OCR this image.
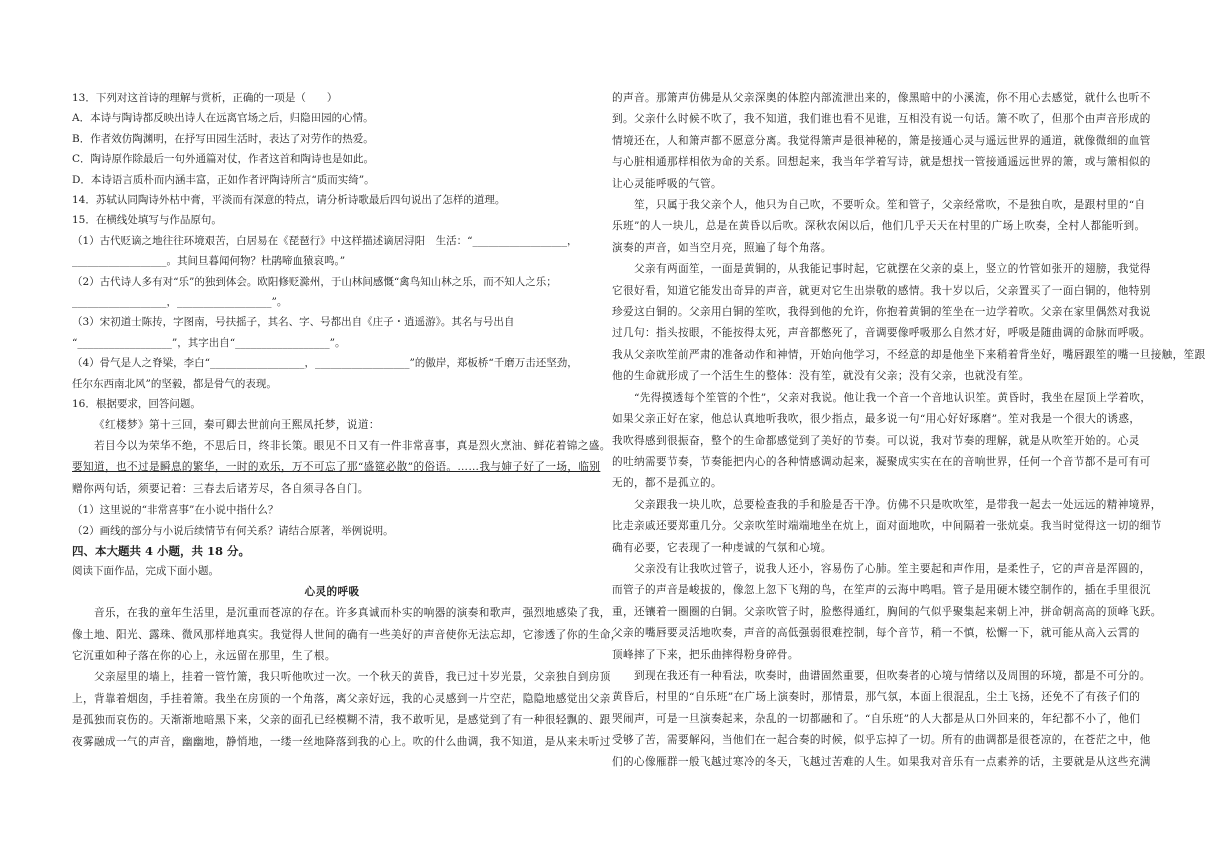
13．下列对这首诗的理解与赏析，正确的一项是（　　）
A．本诗与陶诗都反映出诗人在远离官场之后，归隐田园的心情。
B．作者效仿陶渊明，在抒写田园生活时，表达了对劳作的热爱。
C．陶诗原作除最后一句外通篇对仗，作者这首和陶诗也是如此。
D．本诗语言质朴而内涵丰富，正如作者评陶诗所言“质而实绮”。
14．苏轼认同陶诗外枯中膏，平淡而有深意的特点，请分析诗歌最后四句说出了怎样的道理。
15．在横线处填写与作品原句。
（1）古代贬谪之地往往环境艰苦，白居易在《琵琶行》中这样描述谪居浔阳　生活：“__________________，
__________________。其间旦暮闻何物？杜鹃啼血猿哀鸣。”
（2）古代诗人多有对“乐”的独到体会。欧阳修贬滁州，于山林间感慨“禽鸟知山林之乐，而不知人之乐；
__________________，__________________”。
（3）宋初道士陈抟，字图南，号扶摇子，其名、字、号都出自《庄子・逍遥游》。其名与号出自
“__________________”，其字出自“__________________”。
（4）骨气是人之脊梁，李白“__________________，__________________”的傲岸，郑板桥“千磨万击还坚劲，
任尔东西南北风”的坚毅，都是骨气的表现。
16．根据要求，回答问题。
《红楼梦》第十三回，秦可卿去世前向王熙凤托梦，说道：
若目今以为荣华不绝，不思后日，终非长策。眼见不日又有一件非常喜事，真是烈火烹油、鲜花着锦之盛。
要知道，也不过是瞬息的繁华，一时的欢乐，万不可忘了那“盛筵必散”的俗语。……我与婶子好了一场，临别
赠你两句话，须要记着：三春去后诸芳尽，各自须寻各自门。
（1）这里说的“非常喜事”在小说中指什么？
（2）画线的部分与小说后续情节有何关系？请结合原著，举例说明。
四、本大题共 4 小题，共 18 分。
阅读下面作品，完成下面小题。
心灵的呼吸
音乐，在我的童年生活里，是沉重而苍凉的存在。许多真诚而朴实的响器的演奏和歌声，强烈地感染了我，
像土地、阳光、露珠、微风那样地真实。我觉得人世间的确有一些美好的声音使你无法忘却，它渗透了你的生命，
它沉重如种子落在你的心上，永远留在那里，生了根。
父亲屋里的墙上，挂着一管竹箫，我只听他吹过一次。一个秋天的黄昏，我已过十岁光景，父亲独自到房顶
上，背靠着烟囱，手挂着箫。我坐在房顶的一个角落，离父亲好远，我的心灵感到一片空茫，隐隐地感觉出父亲
是孤独而哀伤的。天渐渐地暗黑下来，父亲的面孔已经模糊不清，我不敢听见，是感觉到了有一种很轻飘的、跟
夜雾融成一气的声音，幽幽地，静悄地，一缕一丝地降落到我的心上。吹的什么曲调，我不知道，是从来未听过
的声音。那箫声仿佛是从父亲深奥的体腔内部流泄出来的，像黑暗中的小溪流，你不用心去感觉，就什么也听不
到。父亲什么时候不吹了，我不知道，我们谁也看不见谁，互相没有说一句话。箫不吹了，但那个由声音形成的
情境还在，人和箫声都不愿意分离。我觉得箫声是很神秘的，箫是接通心灵与遥远世界的通道，就像微细的血管
与心脏相通那样相依为命的关系。回想起来，我当年学着写诗，就是想找一管接通遥远世界的箫，或与箫相似的
让心灵能呼吸的气管。
笙，只属于我父亲个人，他只为自己吹，不要听众。笙和管子，父亲经常吹，不是独自吹，是跟村里的“自
乐班”的人一块儿，总是在黄昏以后吹。深秋农闲以后，他们几乎天天在村里的广场上吹奏，全村人都能听到。
演奏的声音，如当空月亮，照遍了每个角落。
父亲有两面笙，一面是黄铜的，从我能记事时起，它就摆在父亲的桌上，竖立的竹管如张开的翅膀，我觉得
它很好看，知道它能发出奇异的声音，就更对它生出崇敬的感情。我十岁以后，父亲置买了一面白铜的，他特别
珍爱这白铜的。父亲用白铜的笙吹，我得到他的允许，你抱着黄铜的笙坐在一边学着吹。父亲在家里偶然对我说
过几句：指头按眼，不能按得太死，声音都憋死了，音调要像呼吸那么自然才好，呼吸是随曲调的命脉而呼吸。
我从父亲吹笙前严肃的准备动作和神情，开始向他学习，不经意的却是他坐下来稍着背坐好，嘴唇跟笙的嘴一旦接触，笙跟
他的生命就形成了一个活生生的整体：没有笙，就没有父亲；没有父亲，也就没有笙。
“先得摸透每个笙管的个性”，父亲对我说。他让我一个音一个音地认识笙。黄昏时，我坐在屋顶上学着吹，
如果父亲正好在家，他总认真地听我吹，很少指点，最多说一句“用心好好琢磨”。笙对我是一个很大的诱惑，
我吹得感到很振奋，整个的生命都感觉到了美好的节奏。可以说，我对节奏的理解，就是从吹笙开始的。心灵
的吐纳需要节奏，节奏能把内心的各种情感调动起来，凝聚成实实在在的音响世界，任何一个音节都不是可有可
无的，都不是孤立的。
父亲跟我一块儿吹，总要检查我的手和脸是否干净。仿佛不只是吹吹笙，是带我一起去一处远远的精神境界，
比走亲戚还要郑重几分。父亲吹笙时端端地坐在炕上，面对面地吹，中间隔着一张炕桌。我当时觉得这一切的细节
确有必要，它表现了一种虔诚的气氛和心境。
父亲没有让我吹过管子，说我人还小，容易伤了心肺。笙主要起和声作用，是柔性子，它的声音是浑圆的，
而管子的声音是峻拔的，像忽上忽下飞翔的鸟，在笙声的云海中鸣唱。管子是用硬木镂空制作的，插在手里很沉
重，还镶着一圈圈的白铜。父亲吹管子时，脸憋得通红，胸间的气似乎聚集起来朝上冲，拼命朝高高的顶峰飞跃。
父亲的嘴唇要灵活地吹奏，声音的高低强弱很难控制，每个音节，稍一不慎，松懈一下，就可能从高入云霄的
顶峰摔了下来，把乐曲摔得粉身碎骨。
到现在我还有一种看法，吹奏时，曲谱固然重要，但吹奏者的心境与情绪以及周围的环境，都是不可分的。
黄昏后，村里的“自乐班”在广场上演奏时，那情景，那气氛，本面上很混乱，尘土飞扬，还免不了有孩子们的
哭闹声，可是一旦演奏起来，杂乱的一切都融和了。“自乐班”的人大都是从口外回来的，年纪都不小了，他们
受够了苦，需要解闷，当他们在一起合奏的时候，似乎忘掉了一切。所有的曲调都是很苍凉的，在苍茫之中，他
们的心像雁群一般飞越过寒冷的冬天，飞越过苦难的人生。如果我对音乐有一点素养的话，主要就是从这些充满
